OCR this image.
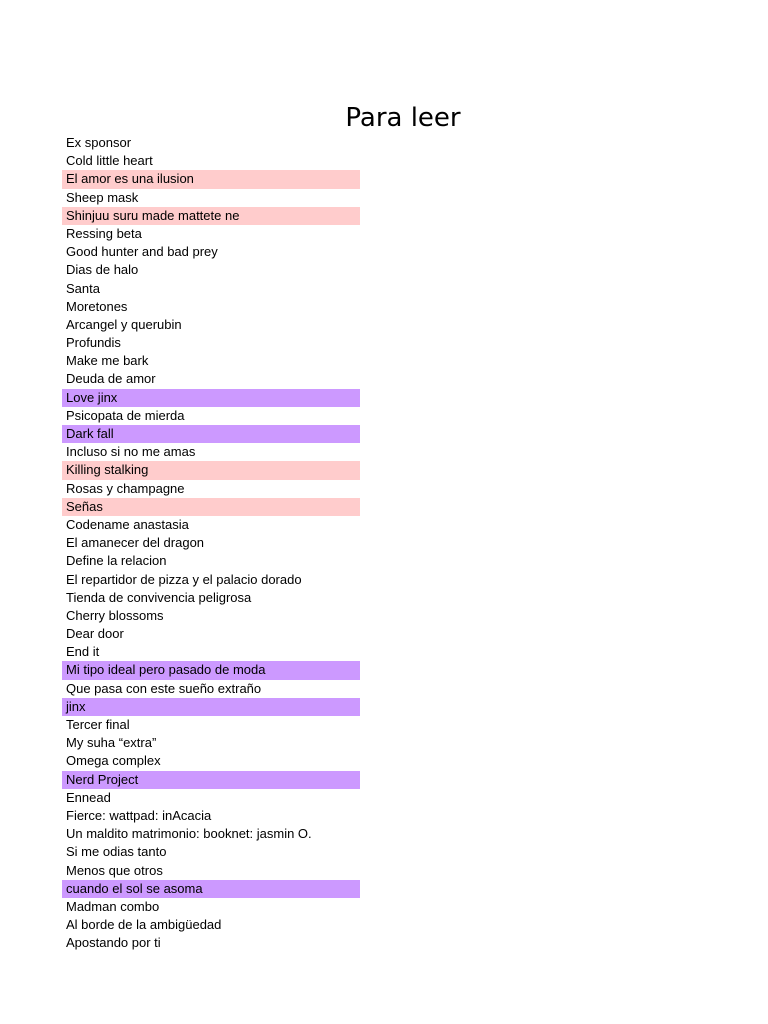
Para leer
Ex sponsor
Cold little heart
El amor es una ilusion
Sheep mask
Shinjuu suru made mattete ne
Ressing beta
Good hunter and bad prey
Dias de halo
Santa
Moretones
Arcangel y querubin
Profundis
Make me bark
Deuda de amor
Love jinx
Psicopata de mierda
Dark fall
Incluso si no me amas
Killing stalking
Rosas y champagne
Señas
Codename anastasia
El amanecer del dragon
Define la relacion
El repartidor de pizza y el palacio dorado
Tienda de convivencia peligrosa
Cherry blossoms
Dear door
End it
Mi tipo ideal pero pasado de moda
Que pasa con este sueño extraño
jinx
Tercer final
My suha “extra”
Omega complex
Nerd Project
Ennead
Fierce: wattpad: inAcacia
Un maldito matrimonio: booknet: jasmin O.
Si me odias tanto
Menos que otros
cuando el sol se asoma
Madman combo
Al borde de la ambigüedad
Apostando por ti
